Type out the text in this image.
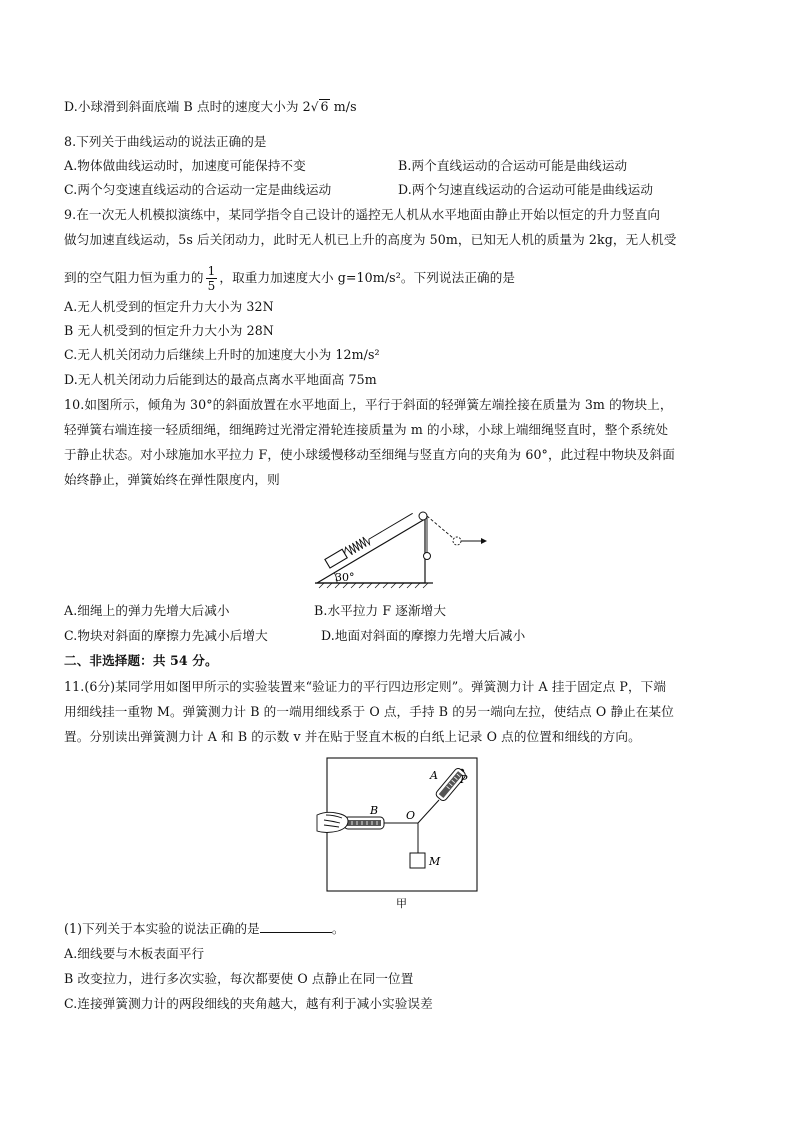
D.小球滑到斜面底端 B 点时的速度大小为 2√ 6 m/s
8.下列关于曲线运动的说法正确的是
A.物体做曲线运动时，加速度可能保持不变	B.两个直线运动的合运动可能是曲线运动
C.两个匀变速直线运动的合运动一定是曲线运动	D.两个匀速直线运动的合运动可能是曲线运动
9.在一次无人机模拟演练中，某同学指令自己设计的遥控无人机从水平地面由静止开始以恒定的升力竖直向
做匀加速直线运动，5s 后关闭动力，此时无人机已上升的高度为 50m，已知无人机的质量为 2kg，无人机受
到的空气阻力恒为重力的 $\frac{1}{5}$ ，取重力加速度大小 g=10m/s²。下列说法正确的是
A.无人机受到的恒定升力大小为 32N
B 无人机受到的恒定升力大小为 28N
C.无人机关闭动力后继续上升时的加速度大小为 12m/s²
D.无人机关闭动力后能到达的最高点离水平地面高 75m
10.如图所示，倾角为 30°的斜面放置在水平地面上，平行于斜面的轻弹簧左端拴接在质量为 3m 的物块上，
轻弹簧右端连接一轻质细绳，细绳跨过光滑定滑轮连接质量为 m 的小球，小球上端细绳竖直时，整个系统处
于静止状态。对小球施加水平拉力 F，使小球缓慢移动至细绳与竖直方向的夹角为 60°，此过程中物块及斜面
始终静止，弹簧始终在弹性限度内，则
30°
A.细绳上的弹力先增大后减小	B.水平拉力 F 逐渐增大
C.物块对斜面的摩擦力先减小后增大	D.地面对斜面的摩擦力先增大后减小
二、非选择题：共 54 分。
11.(6分)某同学用如图甲所示的实验装置来“验证力的平行四边形定则”。弹簧测力计 A 挂于固定点 P，下端
用细线挂一重物 M。弹簧测力计 B 的一端用细线系于 O 点，手持 B 的另一端向左拉，使结点 O 静止在某位
置。分别读出弹簧测力计 A 和 B 的示数 v 并在贴于竖直木板的白纸上记录 O 点的位置和细线的方向。
A P
M
O
B
甲
(1)下列关于本实验的说法正确的是	。
A.细线要与木板表面平行
B 改变拉力，进行多次实验，每次都要使 O 点静止在同一位置
C.连接弹簧测力计的两段细线的夹角越大，越有利于减小实验误差
